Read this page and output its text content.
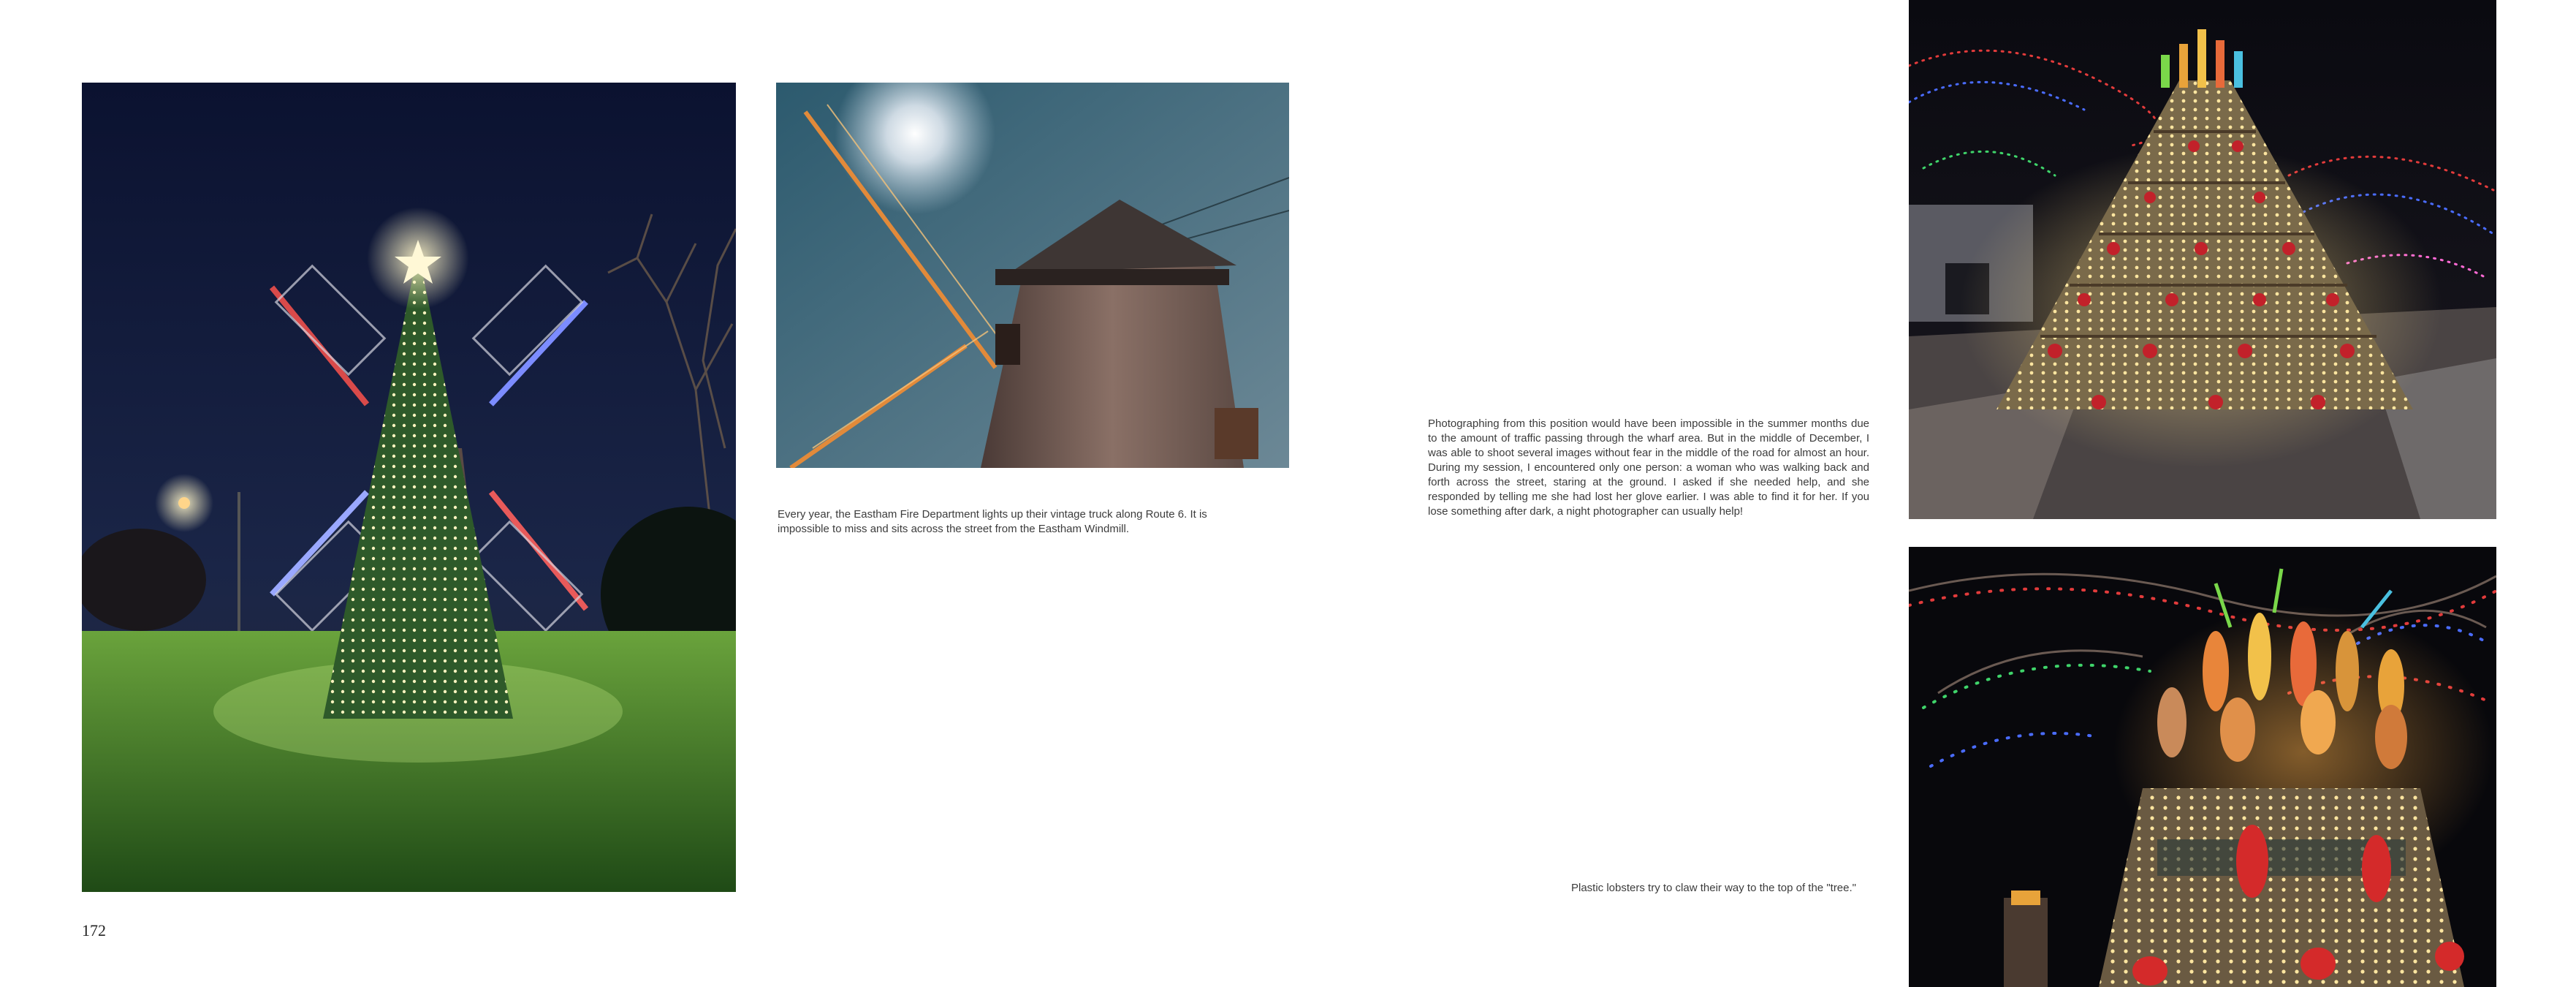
Every year, the Eastham Fire Department lights up their vintage truck along Route 6. It is impossible to miss and sits across the street from the Eastham Windmill.
172
Photographing from this position would have been impossible in the summer months due to the amount of traffic passing through the wharf area. But in the middle of December, I was able to shoot several images without fear in the middle of the road for almost an hour. During my session, I encountered only one person: a woman who was walking back and forth across the street, staring at the ground. I asked if she needed help, and she responded by telling me she had lost her glove earlier. I was able to find it for her. If you lose something after dark, a night photographer can usually help!
Plastic lobsters try to claw their way to the top of the "tree."
